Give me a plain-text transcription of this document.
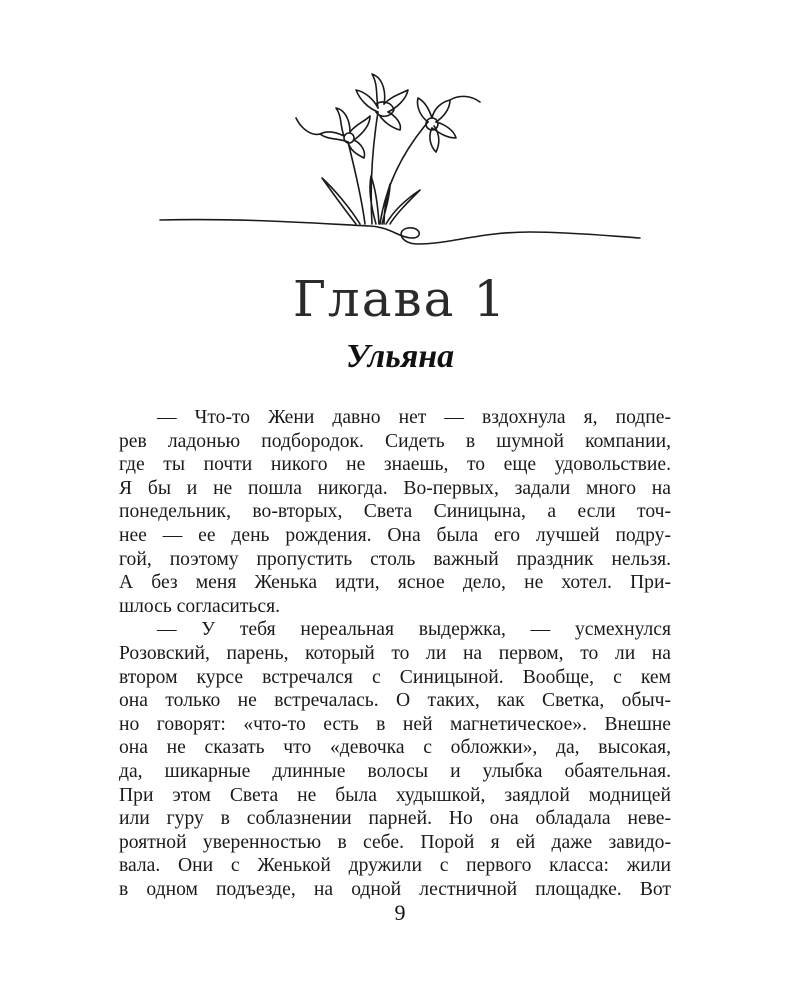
Глава 1
Ульяна
— Что-то Жени давно нет — вздохнула я, подпе-
рев ладонью подбородок. Сидеть в шумной компании,
где ты почти никого не знаешь, то еще удовольствие.
Я бы и не пошла никогда. Во-первых, задали много на
понедельник, во-вторых, Света Синицына, а если точ-
нее — ее день рождения. Она была его лучшей подру-
гой, поэтому пропустить столь важный праздник нельзя.
А без меня Женька идти, ясное дело, не хотел. При-
шлось согласиться.
— У тебя нереальная выдержка, — усмехнулся
Розовский, парень, который то ли на первом, то ли на
втором курсе встречался с Синицыной. Вообще, с кем
она только не встречалась. О таких, как Светка, обыч-
но говорят: «что-то есть в ней магнетическое». Внешне
она не сказать что «девочка с обложки», да, высокая,
да, шикарные длинные волосы и улыбка обаятельная.
При этом Света не была худышкой, заядлой модницей
или гуру в соблазнении парней. Но она обладала неве-
роятной уверенностью в себе. Порой я ей даже завидо-
вала. Они с Женькой дружили с первого класса: жили
в одном подъезде, на одной лестничной площадке. Вот
9
